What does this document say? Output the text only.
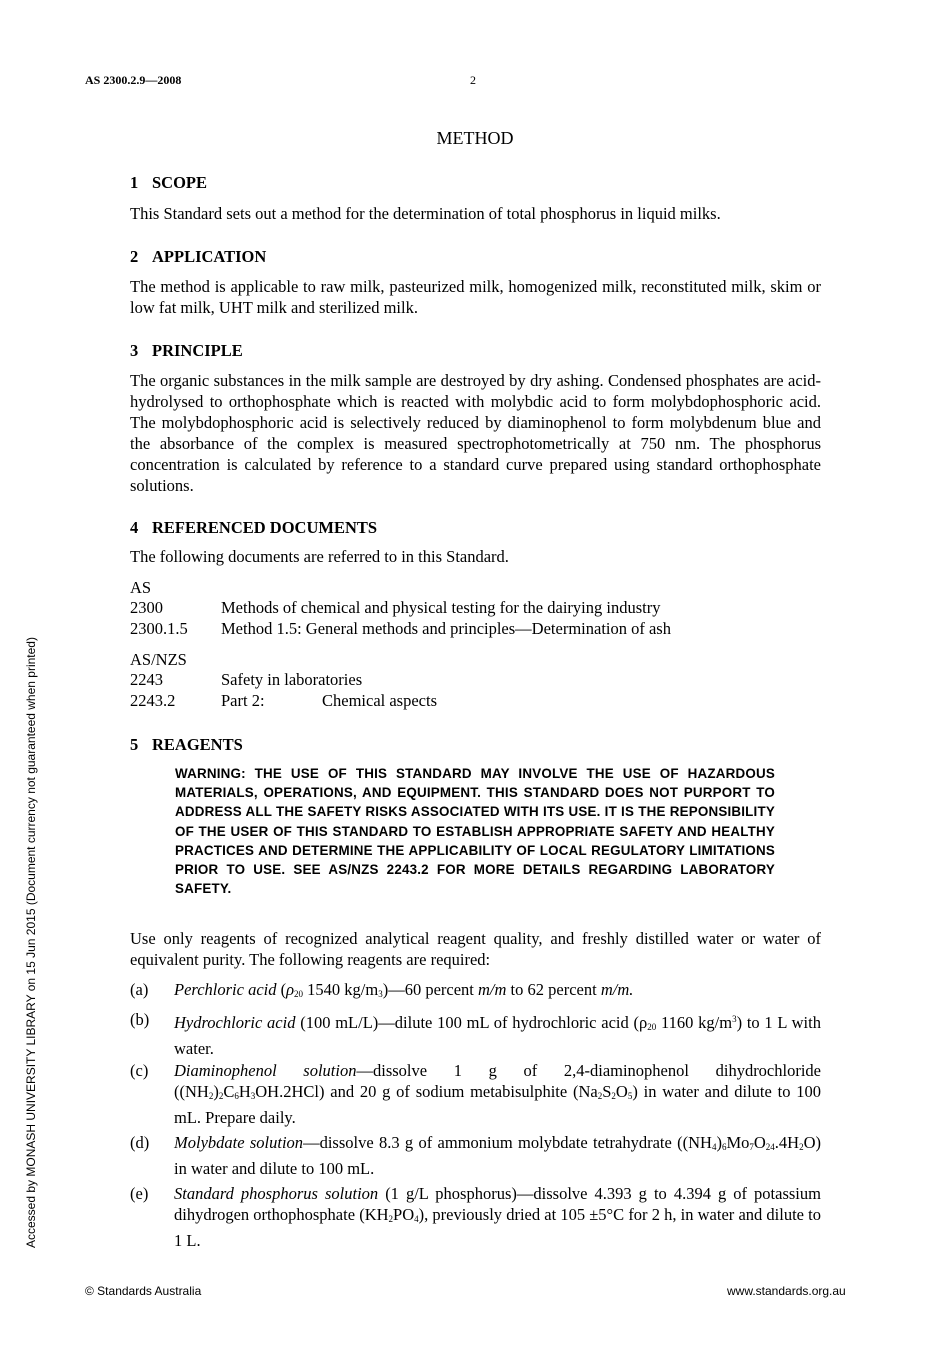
AS 2300.2.9—2008	2
METHOD
1 SCOPE
This Standard sets out a method for the determination of total phosphorus in liquid milks.
2 APPLICATION
The method is applicable to raw milk, pasteurized milk, homogenized milk, reconstituted milk, skim or low fat milk, UHT milk and sterilized milk.
3 PRINCIPLE
The organic substances in the milk sample are destroyed by dry ashing. Condensed phosphates are acid-hydrolysed to orthophosphate which is reacted with molybdic acid to form molybdophosphoric acid. The molybdophosphoric acid is selectively reduced by diaminophenol to form molybdenum blue and the absorbance of the complex is measured spectrophotometrically at 750 nm. The phosphorus concentration is calculated by reference to a standard curve prepared using standard orthophosphate solutions.
4 REFERENCED DOCUMENTS
The following documents are referred to in this Standard.
AS
2300	Methods of chemical and physical testing for the dairying industry
2300.1.5 Method 1.5: General methods and principles—Determination of ash
AS/NZS
2243	Safety in laboratories
2243.2	Part 2:	Chemical aspects
5 REAGENTS
WARNING: THE USE OF THIS STANDARD MAY INVOLVE THE USE OF HAZARDOUS MATERIALS, OPERATIONS, AND EQUIPMENT. THIS STANDARD DOES NOT PURPORT TO ADDRESS ALL THE SAFETY RISKS ASSOCIATED WITH ITS USE. IT IS THE REPONSIBILITY OF THE USER OF THIS STANDARD TO ESTABLISH APPROPRIATE SAFETY AND HEALTHY PRACTICES AND DETERMINE THE APPLICABILITY OF LOCAL REGULATORY LIMITATIONS PRIOR TO USE. SEE AS/NZS 2243.2 FOR MORE DETAILS REGARDING LABORATORY SAFETY.
Use only reagents of recognized analytical reagent quality, and freshly distilled water or water of equivalent purity. The following reagents are required:
(a) Perchloric acid ($\rho_{20}$ 1540 $kg/m_3)—60$ percent m/m to 62 percent m/m.
(b) Hydrochloric acid (100 mL/L)—dilute 100 mL of hydrochloric acid ($\rho_{20}$ 1160 $kg/m^3$) to 1 L with water.
(c) Diaminophenol solution—dissolve 1 g of 2,4-diaminophenol dihydrochloride $((NH_2)_2C_6H_3OH.2HCl)$ and 20 g of sodium metabisulphite $(Na_2S_2O_5)$ in water and dilute to 100 mL. Prepare daily.
(d) Molybdate solution—dissolve 8.3 g of ammonium molybdate tetrahydrate $((NH_4)_6Mo_7O_{24}.4H_2O)$ in water and dilute to 100 mL.
(e) Standard phosphorus solution (1 g/L phosphorus)—dissolve 4.393 g to 4.394 g of potassium dihydrogen orthophosphate $(KH_2PO_4)$, previously dried at 105 ±5°C for 2 h, in water and dilute to 1 L.
Accessed by MONASH UNIVERSITY LIBRARY on 15 Jun 2015 (Document currency not guaranteed when printed)
© Standards Australia	www.standards.org.au
